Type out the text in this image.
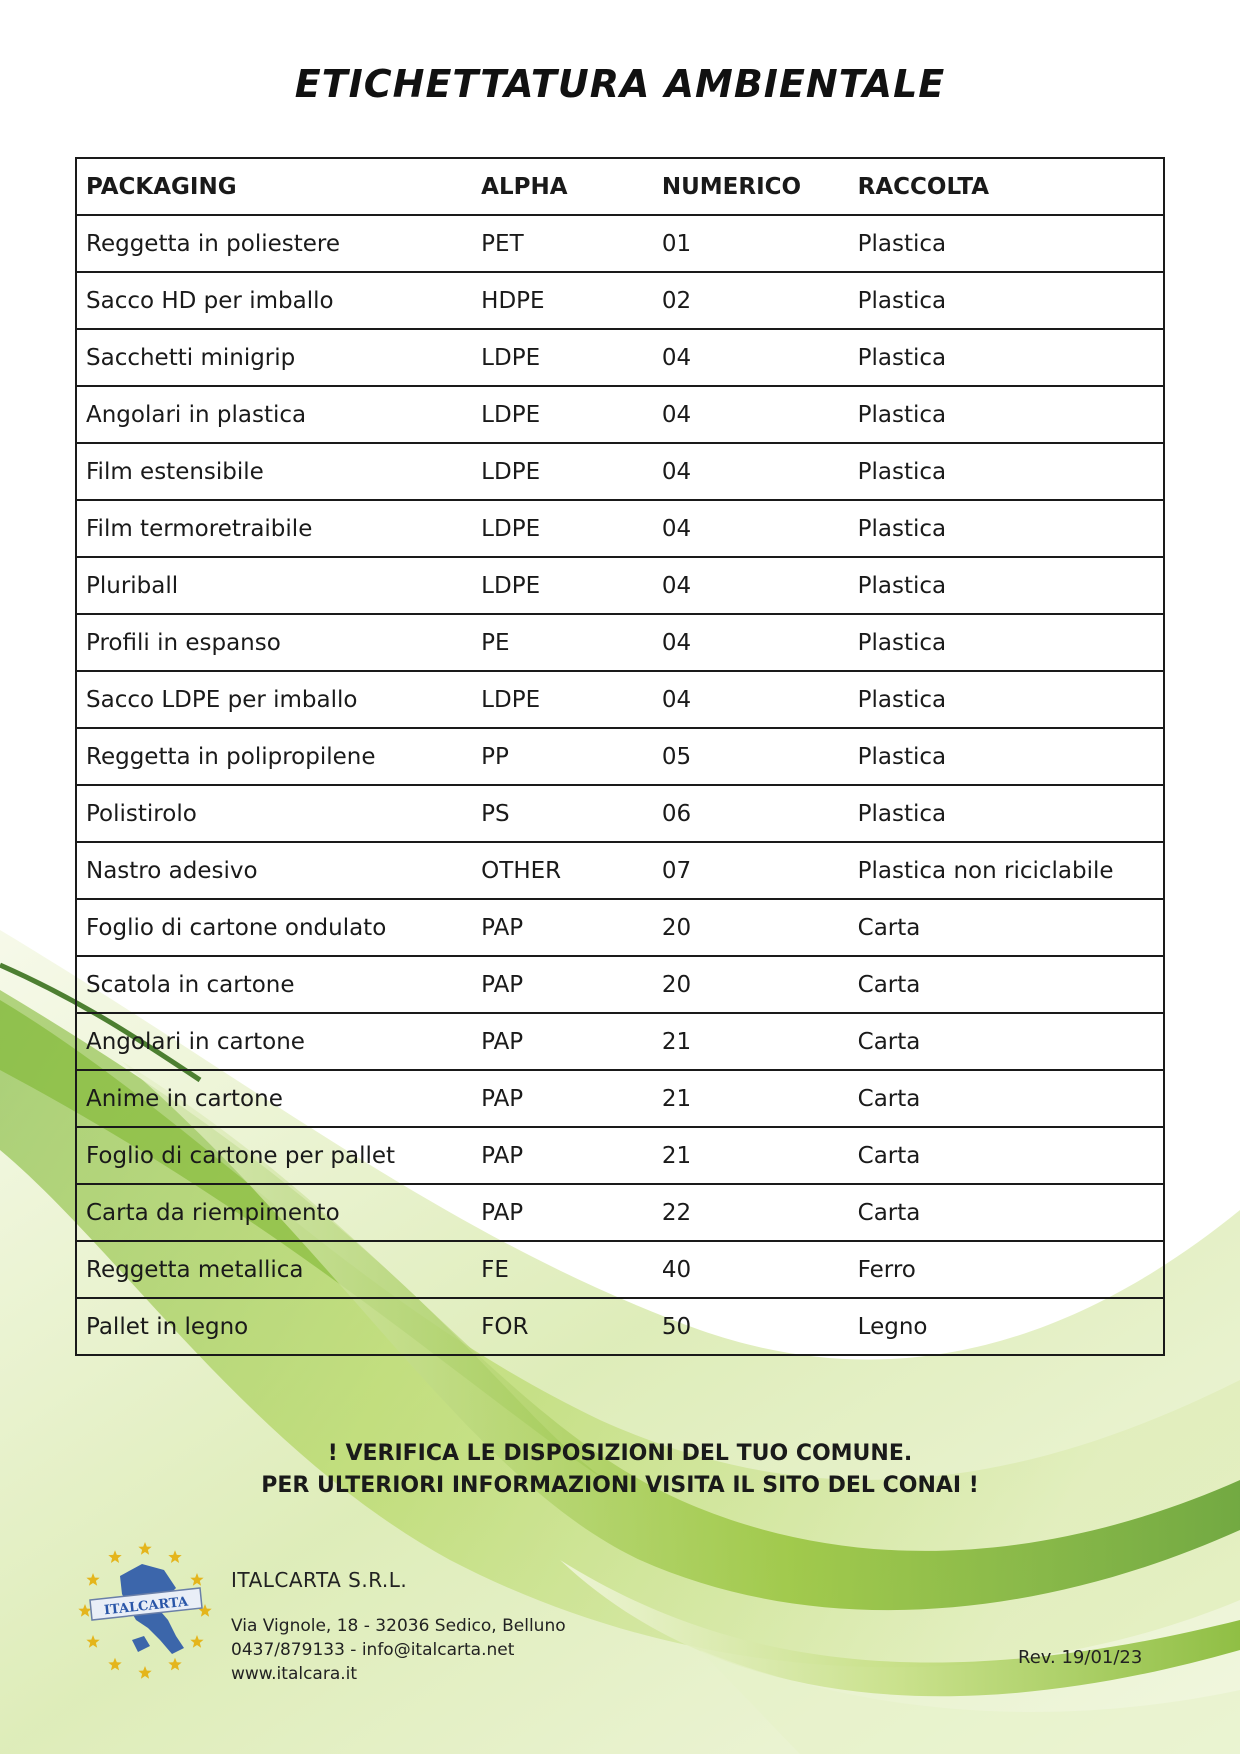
ETICHETTATURA AMBIENTALE
PACKAGING	ALPHA	NUMERICO	RACCOLTA
Reggetta in poliestere	PET	01	Plastica
Sacco HD per imballo	HDPE	02	Plastica
Sacchetti minigrip	LDPE	04	Plastica
Angolari in plastica	LDPE	04	Plastica
Film estensibile	LDPE	04	Plastica
Film termoretraibile	LDPE	04	Plastica
Pluriball	LDPE	04	Plastica
Profili in espanso	PE	04	Plastica
Sacco LDPE per imballo	LDPE	04	Plastica
Reggetta in polipropilene	PP	05	Plastica
Polistirolo	PS	06	Plastica
Nastro adesivo	OTHER	07	Plastica non riciclabile
Foglio di cartone ondulato	PAP	20	Carta
Scatola in cartone	PAP	20	Carta
Angolari in cartone	PAP	21	Carta
Anime in cartone	PAP	21	Carta
Foglio di cartone per pallet	PAP	21	Carta
Carta da riempimento	PAP	22	Carta
Reggetta metallica	FE	40	Ferro
Pallet in legno	FOR	50	Legno
! VERIFICA LE DISPOSIZIONI DEL TUO COMUNE.
PER ULTERIORI INFORMAZIONI VISITA IL SITO DEL CONAI !
ITALCARTA
ITALCARTA S.R.L.
Via Vignole, 18 - 32036 Sedico, Belluno
0437/879133 - info@italcarta.net
www.italcara.it
Rev. 19/01/23
